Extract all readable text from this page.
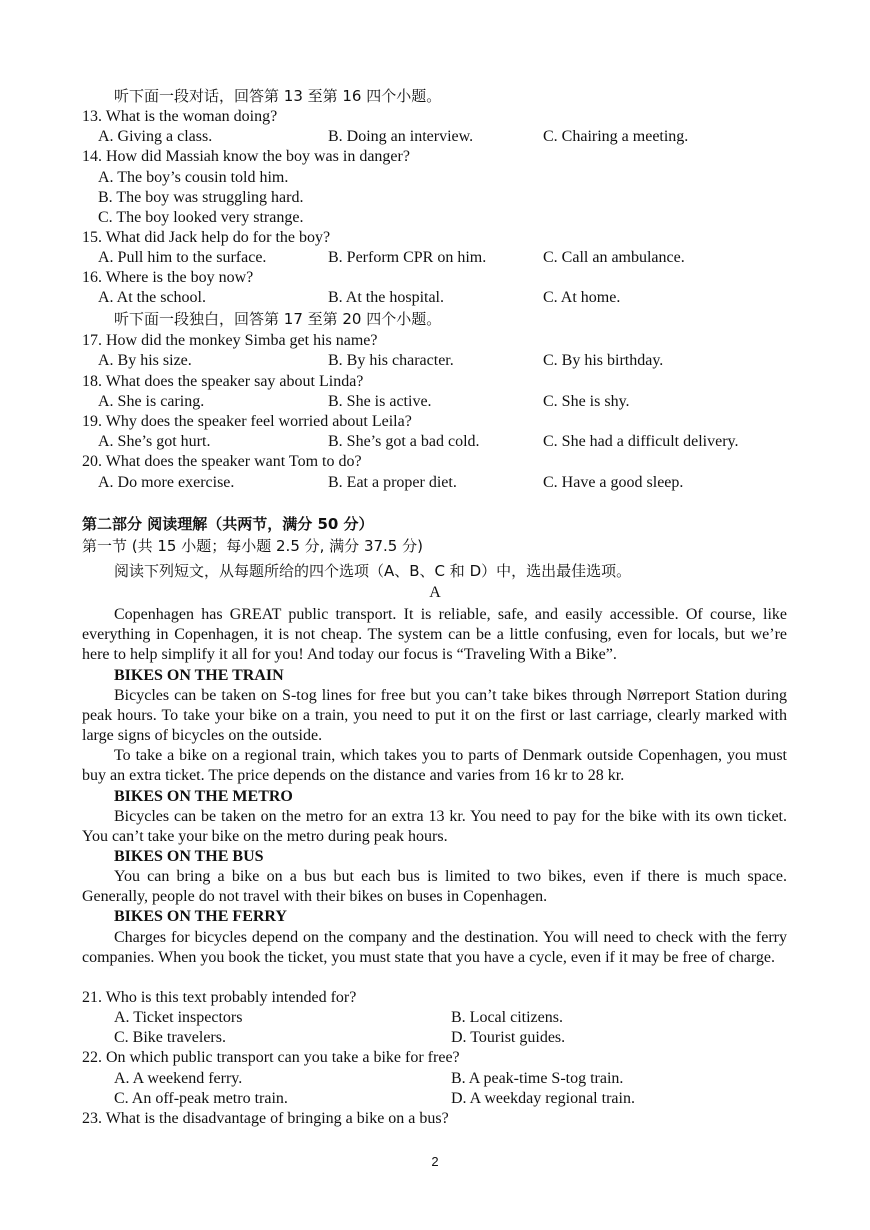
听下面一段对话，回答第 13 至第 16 四个小题。
13. What is the woman doing?
A. Giving a class.	B. Doing an interview.	C. Chairing a meeting.
14. How did Massiah know the boy was in danger?
A. The boy’s cousin told him.
B. The boy was struggling hard.
C. The boy looked very strange.
15. What did Jack help do for the boy?
A. Pull him to the surface.	B. Perform CPR on him.	C. Call an ambulance.
16. Where is the boy now?
A. At the school.	B. At the hospital.	C. At home.
听下面一段独白，回答第 17 至第 20 四个小题。
17. How did the monkey Simba get his name?
A. By his size.	B. By his character.	C. By his birthday.
18. What does the speaker say about Linda?
A. She is caring.	B. She is active.	C. She is shy.
19. Why does the speaker feel worried about Leila?
A. She’s got hurt.	B. She’s got a bad cold.	C. She had a difficult delivery.
20. What does the speaker want Tom to do?
A. Do more exercise.	B. Eat a proper diet.	C. Have a good sleep.
第二部分 阅读理解（共两节，满分 50 分）
第一节 (共 15 小题；每小题 2.5 分, 满分 37.5 分)
阅读下列短文，从每题所给的四个选项（A、B、C 和 D）中，选出最佳选项。
A

Copenhagen has GREAT public transport. It is reliable, safe, and easily accessible. Of course, like everything in Copenhagen, it is not cheap. The system can be a little confusing, even for locals, but we’re here to help simplify it all for you! And today our focus is “Traveling With a Bike”.

BIKES ON THE TRAIN

Bicycles can be taken on S-tog lines for free but you can’t take bikes through Nørreport Station during peak hours. To take your bike on a train, you need to put it on the first or last carriage, clearly marked with large signs of bicycles on the outside.

To take a bike on a regional train, which takes you to parts of Denmark outside Copenhagen, you must buy an extra ticket. The price depends on the distance and varies from 16 kr to 28 kr.

BIKES ON THE METRO

Bicycles can be taken on the metro for an extra 13 kr. You need to pay for the bike with its own ticket. You can’t take your bike on the metro during peak hours.

BIKES ON THE BUS

You can bring a bike on a bus but each bus is limited to two bikes, even if there is much space. Generally, people do not travel with their bikes on buses in Copenhagen.

BIKES ON THE FERRY

Charges for bicycles depend on the company and the destination. You will need to check with the ferry companies. When you book the ticket, you must state that you have a cycle, even if it may be free of charge.

21. Who is this text probably intended for?
A. Ticket inspectors	B. Local citizens.
C. Bike travelers.	D. Tourist guides.
22. On which public transport can you take a bike for free?
A. A weekend ferry.	B. A peak-time S-tog train.
C. An off-peak metro train.	D. A weekday regional train.
23. What is the disadvantage of bringing a bike on a bus?
2
